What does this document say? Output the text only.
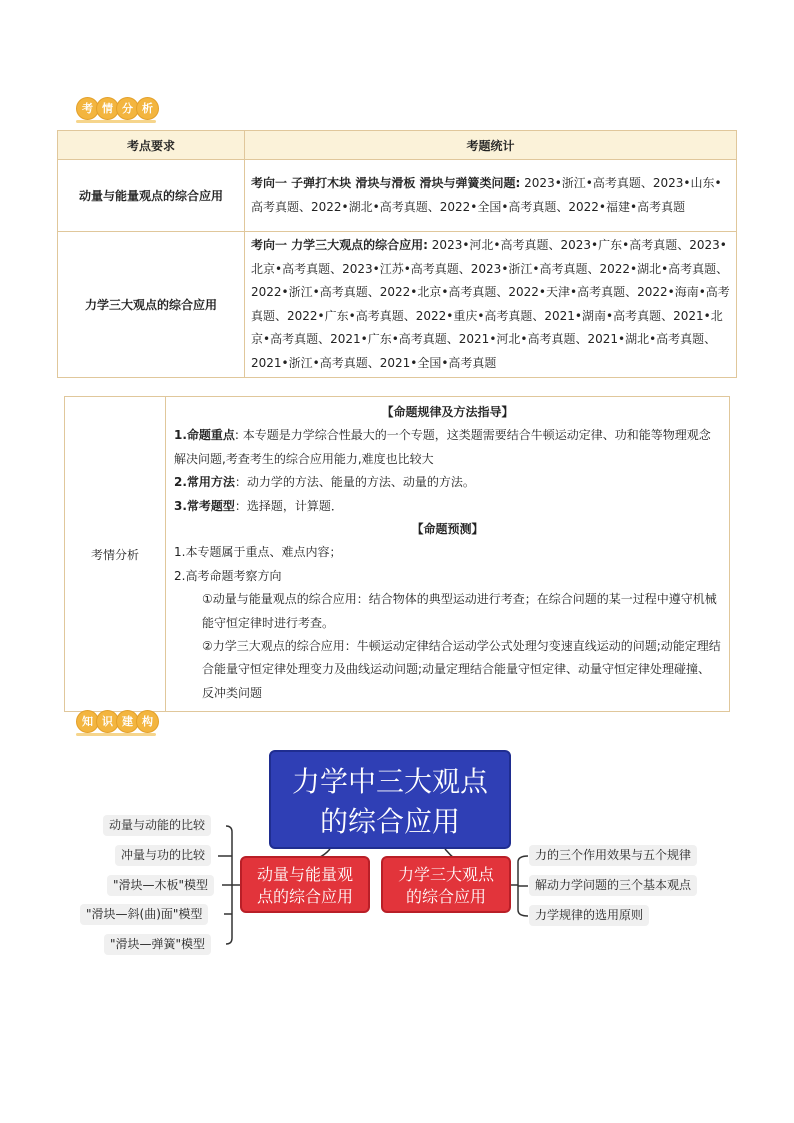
考 情 分 析
考点要求	考题统计
动量与能量观点的综合应用	考向一 子弹打木块 滑块与滑板 滑块与弹簧类问题: 2023•浙江•高考真题、2023•山东•高考真题、2022•湖北•高考真题、2022•全国•高考真题、2022•福建•高考真题
力学三大观点的综合应用	考向一 力学三大观点的综合应用: 2023•河北•高考真题、2023•广东•高考真题、2023•北京•高考真题、2023•江苏•高考真题、2023•浙江•高考真题、2022•湖北•高考真题、2022•浙江•高考真题、2022•北京•高考真题、2022•天津•高考真题、2022•海南•高考真题、2022•广东•高考真题、2022•重庆•高考真题、2021•湖南•高考真题、2021•北京•高考真题、2021•广东•高考真题、2021•河北•高考真题、2021•湖北•高考真题、2021•浙江•高考真题、2021•全国•高考真题
考情分析	
【命题规律及方法指导】
1.命题重点: 本专题是力学综合性最大的一个专题，这类题需要结合牛顿运动定律、功和能等物理观念解决问题,考查考生的综合应用能力,难度也比较大
2.常用方法：动力学的方法、能量的方法、动量的方法。
3.常考题型：选择题，计算题．
【命题预测】
1.本专题属于重点、难点内容；
2.高考命题考察方向
①动量与能量观点的综合应用：结合物体的典型运动进行考查；在综合问题的某一过程中遵守机械能守恒定律时进行考查。
②力学三大观点的综合应用：牛顿运动定律结合运动学公式处理匀变速直线运动的问题;动能定理结合能量守恒定律处理变力及曲线运动问题;动量定理结合能量守恒定律、动量守恒定律处理碰撞、反冲类问题
知 识 建 构
力学中三大观点
的综合应用
动量与能量观
点的综合应用
力学三大观点
的综合应用
动量与动能的比较
冲量与功的比较
"滑块—木板"模型
"滑块—斜(曲)面"模型
"滑块—弹簧"模型
力的三个作用效果与五个规律
解动力学问题的三个基本观点
力学规律的选用原则
